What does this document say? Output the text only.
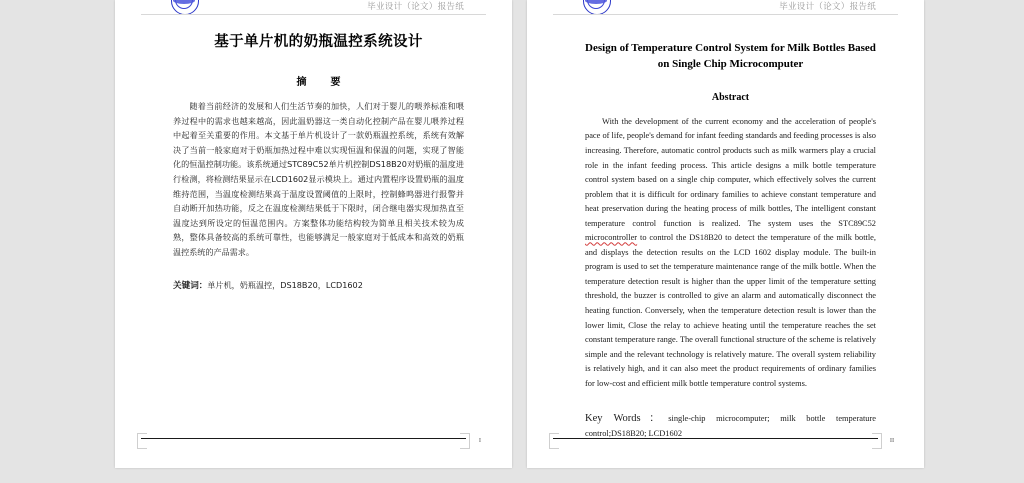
毕业设计（论文）报告纸
基于单片机的奶瓶温控系统设计
摘　要
随着当前经济的发展和人们生活节奏的加快，人们对于婴儿的喂养标准和喂养过程中的需求也越来越高，因此温奶器这一类自动化控制产品在婴儿喂养过程中起着至关重要的作用。本文基于单片机设计了一款奶瓶温控系统，系统有效解决了当前一般家庭对于奶瓶加热过程中难以实现恒温和保温的问题，实现了智能化的恒温控制功能。该系统通过STC89C52单片机控制DS18B20对奶瓶的温度进行检测，将检测结果显示在LCD1602显示模块上。通过内置程序设置奶瓶的温度维持范围，当温度检测结果高于温度设置阈值的上限时，控制蜂鸣器进行报警并自动断开加热功能，反之在温度检测结果低于下限时，闭合继电器实现加热直至温度达到所设定的恒温范围内。方案整体功能结构较为简单且相关技术较为成熟，整体具备较高的系统可靠性，也能够满足一般家庭对于低成本和高效的奶瓶温控系统的产品需求。
关键词：单片机，奶瓶温控，DS18B20，LCD1602
I
毕业设计（论文）报告纸
Design of Temperature Control System for Milk Bottles Based on Single Chip Microcomputer
Abstract
With the development of the current economy and the acceleration of people's pace of life, people's demand for infant feeding standards and feeding processes is also increasing. Therefore, automatic control products such as milk warmers play a crucial role in the infant feeding process. This article designs a milk bottle temperature control system based on a single chip computer, which effectively solves the current problem that it is difficult for ordinary families to achieve constant temperature and heat preservation during the heating process of milk bottles, The intelligent constant temperature control function is realized. The system uses the STC89C52 microcontroller to control the DS18B20 to detect the temperature of the milk bottle, and displays the detection results on the LCD 1602 display module. The built-in program is used to set the temperature maintenance range of the milk bottle. When the temperature detection result is higher than the upper limit of the temperature setting threshold, the buzzer is controlled to give an alarm and automatically disconnect the heating function. Conversely, when the temperature detection result is lower than the lower limit, Close the relay to achieve heating until the temperature reaches the set constant temperature range. The overall functional structure of the scheme is relatively simple and the relevant technology is relatively mature. The overall system reliability is relatively high, and it can also meet the product requirements of ordinary families for low-cost and efficient milk bottle temperature control systems.
Key Words：single-chip microcomputer; milk bottle temperature control;DS18B20; LCD1602
II
